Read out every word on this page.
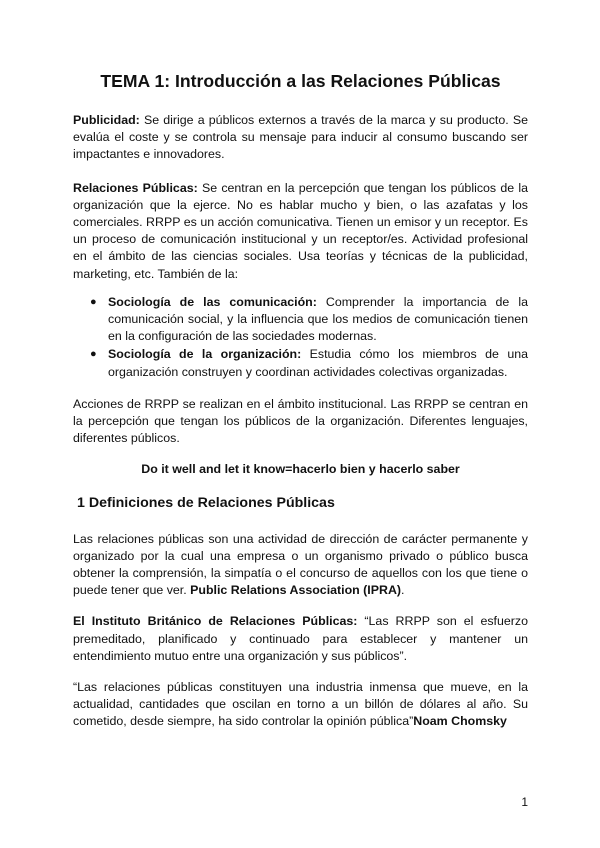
TEMA 1: Introducción a las Relaciones Públicas

Publicidad: Se dirige a públicos externos a través de la marca y su producto. Se evalúa el coste y se controla su mensaje para inducir al consumo buscando ser impactantes e innovadores.

Relaciones Públicas: Se centran en la percepción que tengan los públicos de la organización que la ejerce. No es hablar mucho y bien, o las azafatas y los comerciales. RRPP es un acción comunicativa. Tienen un emisor y un receptor. Es un proceso de comunicación institucional y un receptor/es. Actividad profesional en el ámbito de las ciencias sociales. Usa teorías y técnicas de la publicidad, marketing, etc. También de la:

● Sociología de las comunicación: Comprender la importancia de la comunicación social, y la influencia que los medios de comunicación tienen en la configuración de las sociedades modernas.
● Sociología de la organización: Estudia cómo los miembros de una organización construyen y coordinan actividades colectivas organizadas.

Acciones de RRPP se realizan en el ámbito institucional. Las RRPP se centran en la percepción que tengan los públicos de la organización. Diferentes lenguajes, diferentes públicos.

Do it well and let it know=hacerlo bien y hacerlo saber

1 Definiciones de Relaciones Públicas

Las relaciones públicas son una actividad de dirección de carácter permanente y organizado por la cual una empresa o un organismo privado o público busca obtener la comprensión, la simpatía o el concurso de aquellos con los que tiene o puede tener que ver. Public Relations Association (IPRA).

El Instituto Británico de Relaciones Públicas: “Las RRPP son el esfuerzo premeditado, planificado y continuado para establecer y mantener un entendimiento mutuo entre una organización y sus públicos”.

“Las relaciones públicas constituyen una industria inmensa que mueve, en la actualidad, cantidades que oscilan en torno a un billón de dólares al año. Su cometido, desde siempre, ha sido controlar la opinión pública”Noam Chomsky

1
